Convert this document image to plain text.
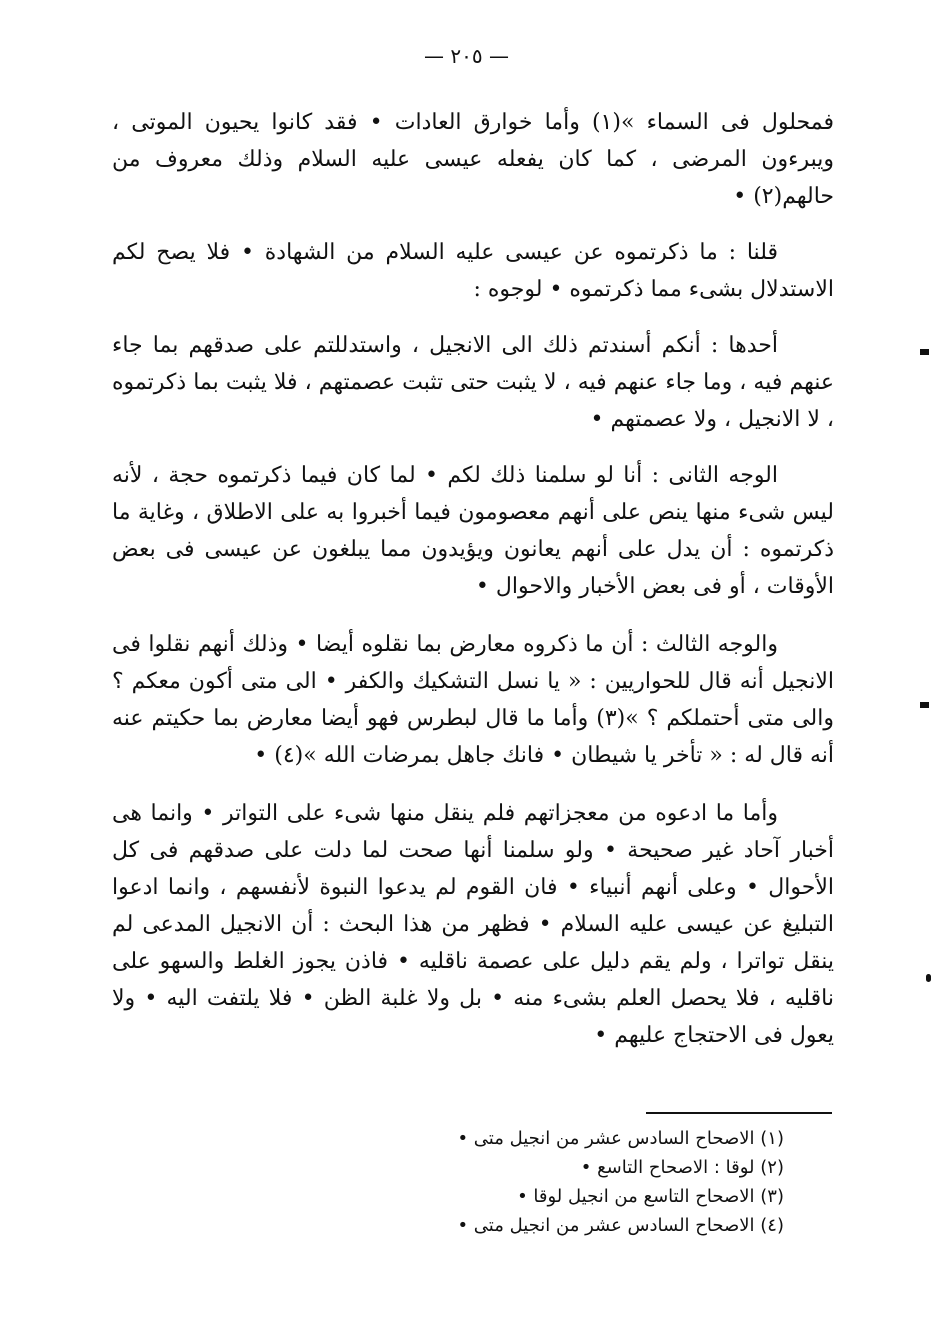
— ٢٠٥ —

فمحلول فى السماء »(١) وأما خوارق العادات • فقد كانوا يحيون الموتى ، ويبرءون المرضى ، كما كان يفعله عيسى عليه السلام وذلك معروف من حالهم(٢) •

قلنا : ما ذكرتموه عن عيسى عليه السلام من الشهادة • فلا يصح لكم الاستدلال بشىء مما ذكرتموه • لوجوه :

أحدها : أنكم أسندتم ذلك الى الانجيل ، واستدللتم على صدقهم بما جاء عنهم فيه ، وما جاء عنهم فيه ، لا يثبت حتى تثبت عصمتهم ، فلا يثبت بما ذكرتموه ، لا الانجيل ، ولا عصمتهم •

الوجه الثانى : أنا لو سلمنا ذلك لكم • لما كان فيما ذكرتموه حجة ، لأنه ليس شىء منها ينص على أنهم معصومون فيما أخبروا به على الاطلاق ، وغاية ما ذكرتموه : أن يدل على أنهم يعانون ويؤيدون مما يبلغون عن عيسى فى بعض الأوقات ، أو فى بعض الأخبار والاحوال •

والوجه الثالث : أن ما ذكروه معارض بما نقلوه أيضا • وذلك أنهم نقلوا فى الانجيل أنه قال للحواريين : « يا نسل التشكيك والكفر • الى متى أكون معكم ؟ والى متى أحتملكم ؟ »(٣) وأما ما قال لبطرس فهو أيضا معارض بما حكيتم عنه أنه قال له : « تأخر يا شيطان • فانك جاهل بمرضات الله »(٤) •

وأما ما ادعوه من معجزاتهم فلم ينقل منها شىء على التواتر • وانما هى أخبار آحاد غير صحيحة • ولو سلمنا أنها صحت لما دلت على صدقهم فى كل الأحوال • وعلى أنهم أنبياء • فان القوم لم يدعوا النبوة لأنفسهم ، وانما ادعوا التبليغ عن عيسى عليه السلام • فظهر من هذا البحث : أن الانجيل المدعى لم ينقل تواترا ، ولم يقم دليل على عصمة ناقليه • فاذن يجوز الغلط والسهو على ناقليه ، فلا يحصل العلم بشىء منه • بل ولا غلبة الظن • فلا يلتفت اليه • ولا يعول فى الاحتجاج عليهم •

(١) الاصحاح السادس عشر من انجيل متى •
(٢) لوقا : الاصحاح التاسع •
(٣) الاصحاح التاسع من انجيل لوقا •
(٤) الاصحاح السادس عشر من انجيل متى •
